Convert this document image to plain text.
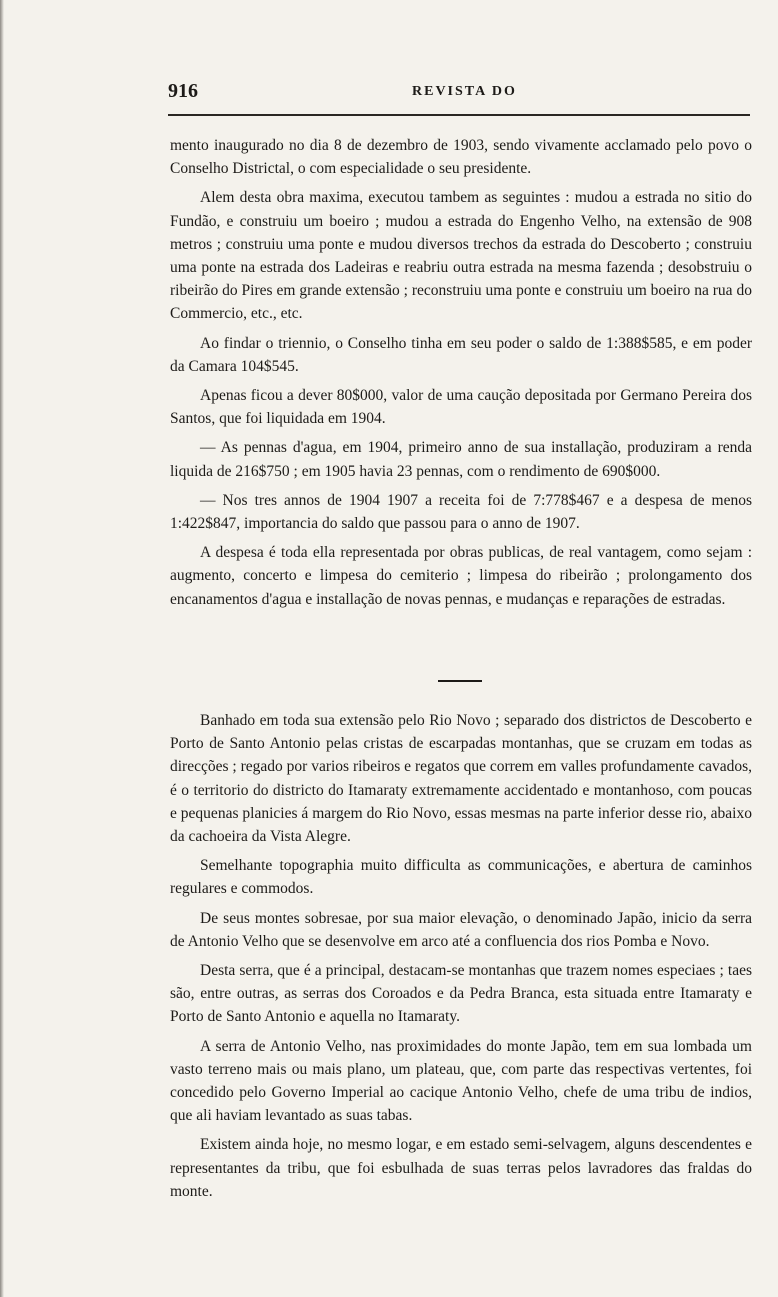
916	REVISTA DO

mento inaugurado no dia 8 de dezembro de 1903, sendo vivamente acclamado pelo povo o Conselho Districtal, o com especialidade o seu presidente.

Alem desta obra maxima, executou tambem as seguintes : mudou a estrada no sitio do Fundão, e construiu um boeiro ; mudou a estrada do Engenho Velho, na extensão de 908 metros ; construiu uma ponte e mudou diversos trechos da estrada do Descoberto ; construiu uma ponte na estrada dos Ladeiras e reabriu outra estrada na mesma fazenda ; desobstruiu o ribeirão do Pires em grande extensão ; reconstruiu uma ponte e construiu um boeiro na rua do Commercio, etc., etc.

Ao findar o triennio, o Conselho tinha em seu poder o saldo de 1:388$585, e em poder da Camara 104$545.

Apenas ficou a dever 80$000, valor de uma caução depositada por Germano Pereira dos Santos, que foi liquidada em 1904.

— As pennas d'agua, em 1904, primeiro anno de sua installação, produziram a renda liquida de 216$750 ; em 1905 havia 23 pennas, com o rendimento de 690$000.

— Nos tres annos de 1904 1907 a receita foi de 7:778$467 e a despesa de menos 1:422$847, importancia do saldo que passou para o anno de 1907.

A despesa é toda ella representada por obras publicas, de real vantagem, como sejam : augmento, concerto e limpesa do cemiterio ; limpesa do ribeirão ; prolongamento dos encanamentos d'agua e installação de novas pennas, e mudanças e reparações de estradas.

Banhado em toda sua extensão pelo Rio Novo ; separado dos districtos de Descoberto e Porto de Santo Antonio pelas cristas de escarpadas montanhas, que se cruzam em todas as direcções ; regado por varios ribeiros e regatos que correm em valles profundamente cavados, é o territorio do districto do Itamaraty extremamente accidentado e montanhoso, com poucas e pequenas planicies á margem do Rio Novo, essas mesmas na parte inferior desse rio, abaixo da cachoeira da Vista Alegre.

Semelhante topographia muito difficulta as communicações, e abertura de caminhos regulares e commodos.

De seus montes sobresae, por sua maior elevação, o denominado Japão, inicio da serra de Antonio Velho que se desenvolve em arco até a confluencia dos rios Pomba e Novo.

Desta serra, que é a principal, destacam-se montanhas que trazem nomes especiaes ; taes são, entre outras, as serras dos Coroados e da Pedra Branca, esta situada entre Itamaraty e Porto de Santo Antonio e aquella no Itamaraty.

A serra de Antonio Velho, nas proximidades do monte Japão, tem em sua lombada um vasto terreno mais ou mais plano, um plateau, que, com parte das respectivas vertentes, foi concedido pelo Governo Imperial ao cacique Antonio Velho, chefe de uma tribu de indios, que ali haviam levantado as suas tabas.

Existem ainda hoje, no mesmo logar, e em estado semi-selvagem, alguns descendentes e representantes da tribu, que foi esbulhada de suas terras pelos lavradores das fraldas do monte.
